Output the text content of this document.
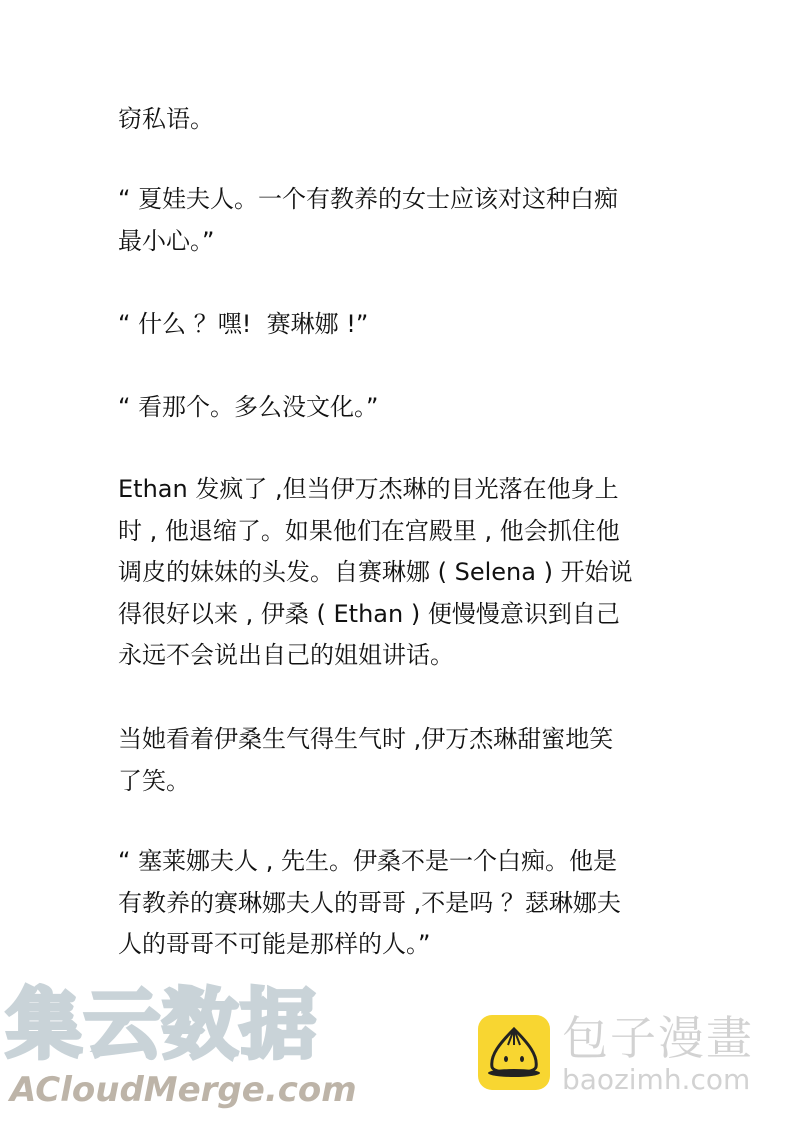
窃私语。
“ 夏娃夫人。一个有教养的女士应该对这种白痴
最小心。”
“ 什么 ？嘿!  赛琳娜 !”
“ 看那个。多么没文化。”
Ethan 发疯了 ,但当伊万杰琳的目光落在他身上
时 , 他退缩了。如果他们在宫殿里 , 他会抓住他
调皮的妹妹的头发。自赛琳娜 ( Selena ) 开始说
得很好以来 , 伊桑 ( Ethan ) 便慢慢意识到自己
永远不会说出自己的姐姐讲话。
当她看着伊桑生气得生气时 ,伊万杰琳甜蜜地笑
了笑。
“ 塞莱娜夫人 , 先生。伊桑不是一个白痴。他是
有教养的赛琳娜夫人的哥哥 ,不是吗 ？瑟琳娜夫
人的哥哥不可能是那样的人。”
集云数据
ACloudMerge.com
包子漫畫
baozimh.com
